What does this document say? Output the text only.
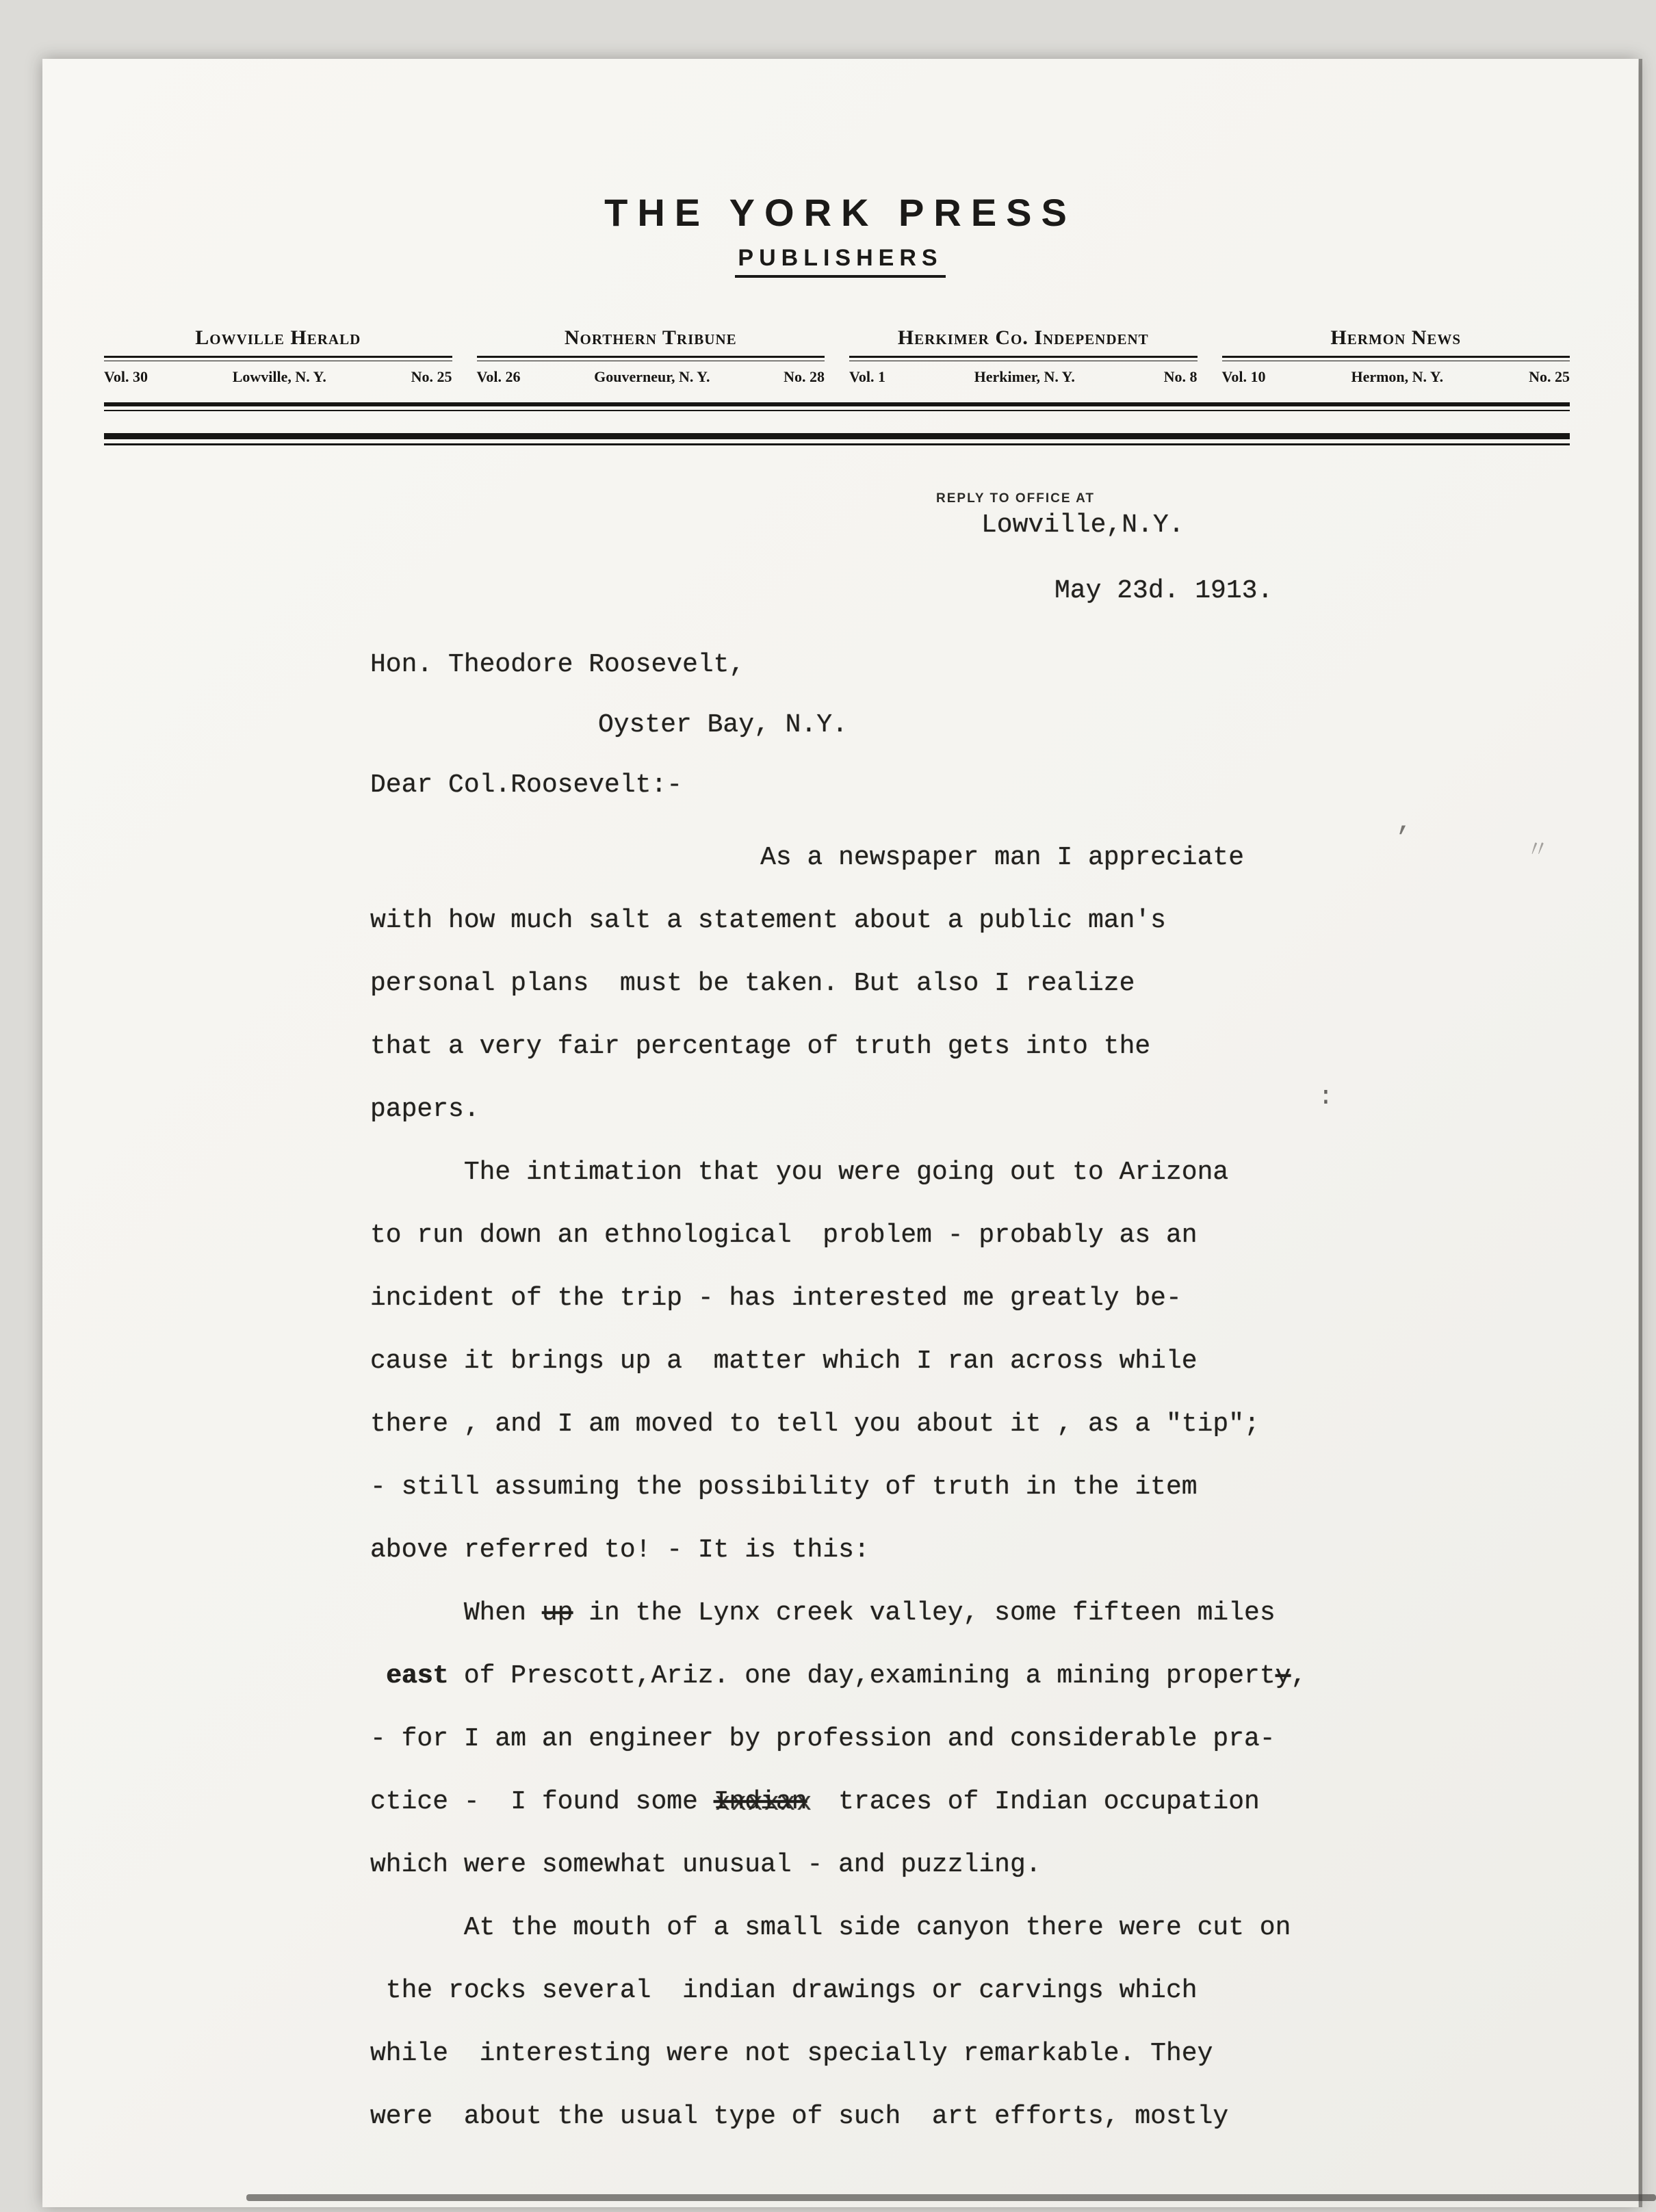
THE YORK PRESS
PUBLISHERS
Lowville Herald
Vol. 30	Lowville, N. Y.	No. 25
Northern Tribune
Vol. 26	Gouverneur, N. Y.	No. 28
Herkimer Co. Independent
Vol. 1	Herkimer, N. Y.	No. 8
Hermon News
Vol. 10	Hermon, N. Y.	No. 25
REPLY TO OFFICE AT
Lowville,N.Y.
May 23d. 1913.
Hon. Theodore Roosevelt,
Oyster Bay, N.Y.
Dear Col.Roosevelt:-
As a newspaper man I appreciate
with how much salt a statement about a public man's
personal plans  must be taken. But also I realize
that a very fair percentage of truth gets into the
papers.
The intimation that you were going out to Arizona
to run down an ethnological  problem - probably as an
incident of the trip - has interested me greatly be-
cause it brings up a  matter which I ran across while
there , and I am moved to tell you about it , as a "tip";
- still assuming the possibility of truth in the item
above referred to! - It is this:
When up in the Lynx creek valley, some fifteen miles
east of Prescott,Ariz. one day,examining a mining property,
- for I am an engineer by profession and considerable pra-
ctice -  I found some Indian xxxxxx  traces of Indian occupation
which were somewhat unusual - and puzzling.
At the mouth of a small side canyon there were cut on
the rocks several  indian drawings or carvings which
while  interesting were not specially remarkable. They
were  about the usual type of such  art efforts, mostly
:
’	〃
